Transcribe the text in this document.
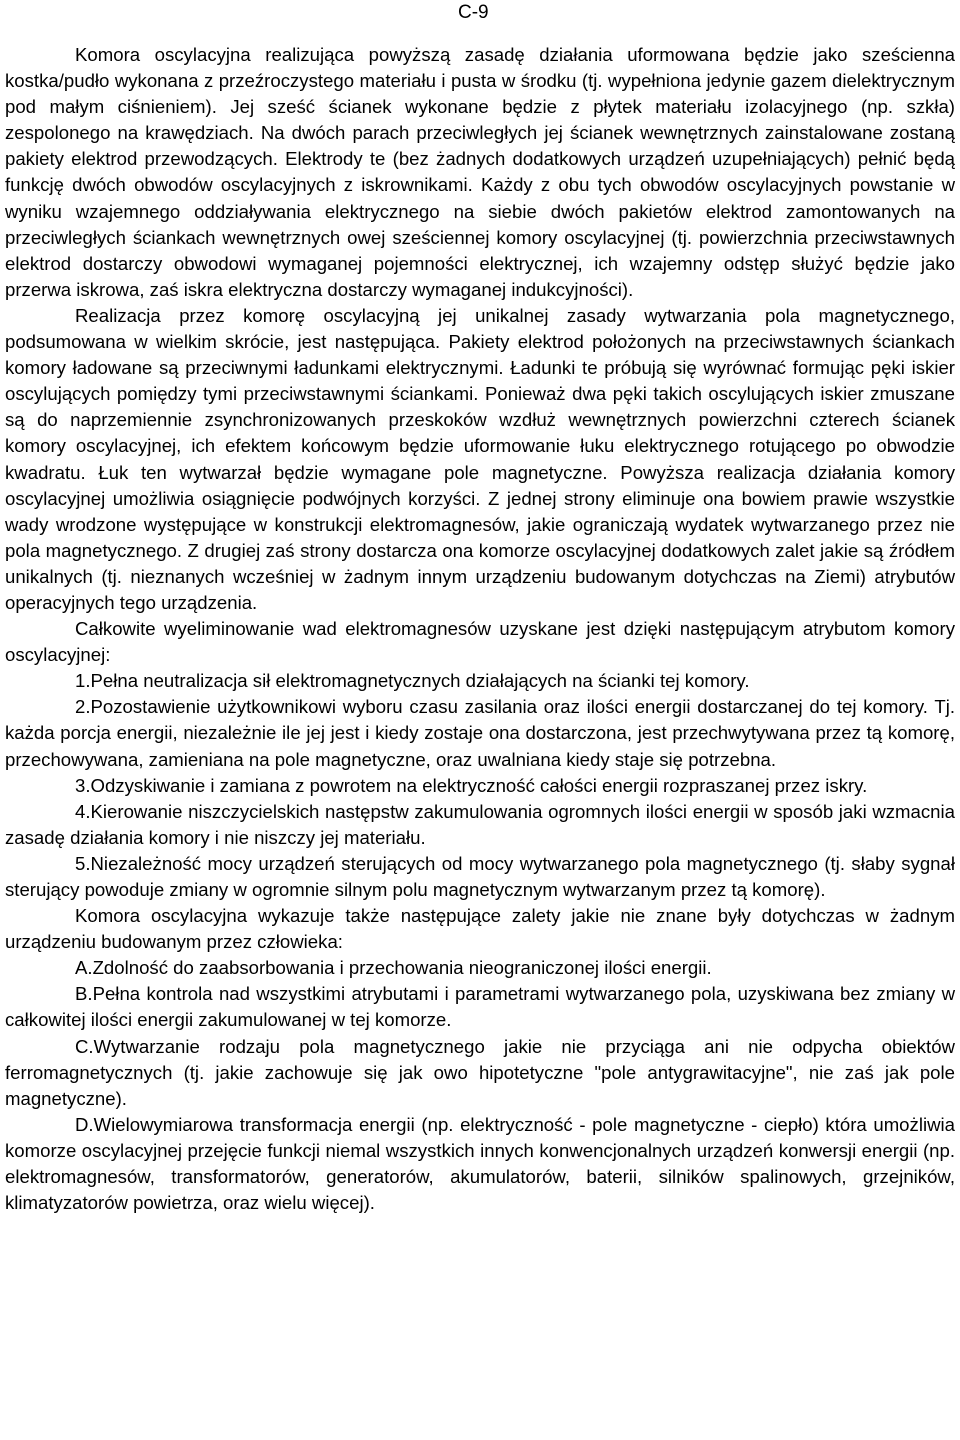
C-9

Komora oscylacyjna realizująca powyższą zasadę działania uformowana będzie jako sześcienna kostka/pudło wykonana z przeźroczystego materiału i pusta w środku (tj. wypełniona jedynie gazem dielektrycznym pod małym ciśnieniem). Jej sześć ścianek wykonane będzie z płytek materiału izolacyjnego (np. szkła) zespolonego na krawędziach. Na dwóch parach przeciwległych jej ścianek wewnętrznych zainstalowane zostaną pakiety elektrod przewodzących. Elektrody te (bez żadnych dodatkowych urządzeń uzupełniających) pełnić będą funkcję dwóch obwodów oscylacyjnych z iskrownikami. Każdy z obu tych obwodów oscylacyjnych powstanie w wyniku wzajemnego oddziaływania elektrycznego na siebie dwóch pakietów elektrod zamontowanych na przeciwległych ściankach wewnętrznych owej sześciennej komory oscylacyjnej (tj. powierzchnia przeciwstawnych elektrod dostarczy obwodowi wymaganej pojemności elektrycznej, ich wzajemny odstęp służyć będzie jako przerwa iskrowa, zaś iskra elektryczna dostarczy wymaganej indukcyjności).

Realizacja przez komorę oscylacyjną jej unikalnej zasady wytwarzania pola magnetycznego, podsumowana w wielkim skrócie, jest następująca. Pakiety elektrod położonych na przeciwstawnych ściankach komory ładowane są przeciwnymi ładunkami elektrycznymi. Ładunki te próbują się wyrównać formując pęki iskier oscylujących pomiędzy tymi przeciwstawnymi ściankami. Ponieważ dwa pęki takich oscylujących iskier zmuszane są do naprzemiennie zsynchronizowanych przeskoków wzdłuż wewnętrznych powierzchni czterech ścianek komory oscylacyjnej, ich efektem końcowym będzie uformowanie łuku elektrycznego rotującego po obwodzie kwadratu. Łuk ten wytwarzał będzie wymagane pole magnetyczne. Powyższa realizacja działania komory oscylacyjnej umożliwia osiągnięcie podwójnych korzyści. Z jednej strony eliminuje ona bowiem prawie wszystkie wady wrodzone występujące w konstrukcji elektromagnesów, jakie ograniczają wydatek wytwarzanego przez nie pola magnetycznego. Z drugiej zaś strony dostarcza ona komorze oscylacyjnej dodatkowych zalet jakie są źródłem unikalnych (tj. nieznanych wcześniej w żadnym innym urządzeniu budowanym dotychczas na Ziemi) atrybutów operacyjnych tego urządzenia.

Całkowite wyeliminowanie wad elektromagnesów uzyskane jest dzięki następującym atrybutom komory oscylacyjnej:

1.Pełna neutralizacja sił elektromagnetycznych działających na ścianki tej komory.

2.Pozostawienie użytkownikowi wyboru czasu zasilania oraz ilości energii dostarczanej do tej komory. Tj. każda porcja energii, niezależnie ile jej jest i kiedy zostaje ona dostarczona, jest przechwytywana przez tą komorę, przechowywana, zamieniana na pole magnetyczne, oraz uwalniana kiedy staje się potrzebna.

3.Odzyskiwanie i zamiana z powrotem na elektryczność całości energii rozpraszanej przez iskry.

4.Kierowanie niszczycielskich następstw zakumulowania ogromnych ilości energii w sposób jaki wzmacnia zasadę działania komory i nie niszczy jej materiału.

5.Niezależność mocy urządzeń sterujących od mocy wytwarzanego pola magnetycznego (tj. słaby sygnał sterujący powoduje zmiany w ogromnie silnym polu magnetycznym wytwarzanym przez tą komorę).

Komora oscylacyjna wykazuje także następujące zalety jakie nie znane były dotychczas w żadnym urządzeniu budowanym przez człowieka:

A.Zdolność do zaabsorbowania i przechowania nieograniczonej ilości energii.

B.Pełna kontrola nad wszystkimi atrybutami i parametrami wytwarzanego pola, uzyskiwana bez zmiany w całkowitej ilości energii zakumulowanej w tej komorze.

C.Wytwarzanie rodzaju pola magnetycznego jakie nie przyciąga ani nie odpycha obiektów ferromagnetycznych (tj. jakie zachowuje się jak owo hipotetyczne "pole antygrawitacyjne", nie zaś jak pole magnetyczne).

D.Wielowymiarowa transformacja energii (np. elektryczność - pole magnetyczne - ciepło) która umożliwia komorze oscylacyjnej przejęcie funkcji niemal wszystkich innych konwencjonalnych urządzeń konwersji energii (np. elektromagnesów, transformatorów, generatorów, akumulatorów, baterii, silników spalinowych, grzejników, klimatyzatorów powietrza, oraz wielu więcej).
